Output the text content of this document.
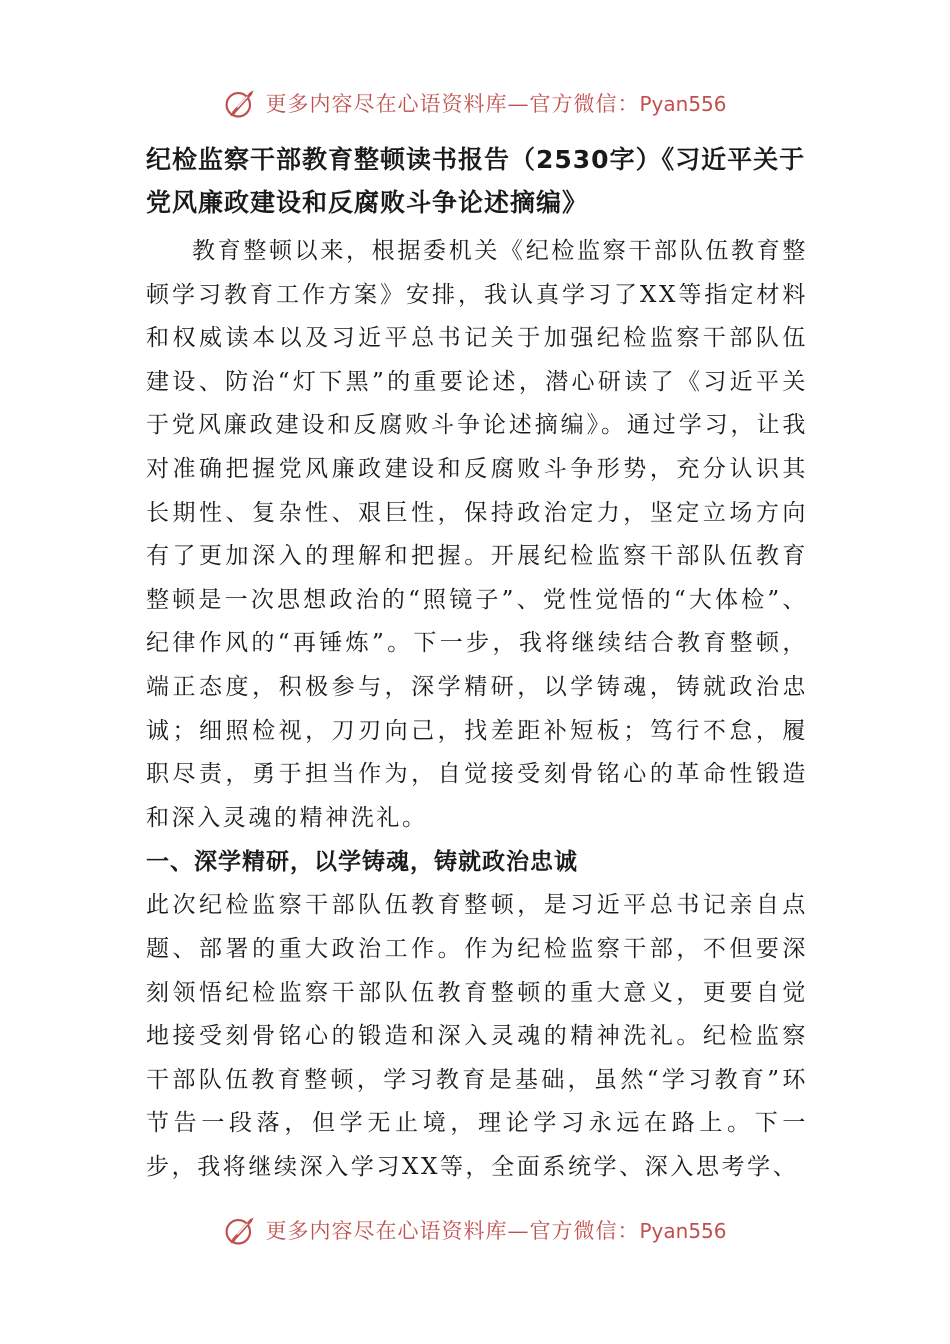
更多内容尽在心语资料库—官方微信：Pyan556
纪检监察干部教育整顿读书报告（2530字）《习近平关于党风廉政建设和反腐败斗争论述摘编》

教育整顿以来，根据委机关《纪检监察干部队伍教育整顿学习教育工作方案》安排，我认真学习了XX等指定材料和权威读本以及习近平总书记关于加强纪检监察干部队伍建设、防治“灯下黑”的重要论述，潜心研读了《习近平关于党风廉政建设和反腐败斗争论述摘编》。通过学习，让我对准确把握党风廉政建设和反腐败斗争形势，充分认识其长期性、复杂性、艰巨性，保持政治定力，坚定立场方向有了更加深入的理解和把握。开展纪检监察干部队伍教育整顿是一次思想政治的“照镜子”、党性觉悟的“大体检”、纪律作风的“再锤炼”。下一步，我将继续结合教育整顿，端正态度，积极参与，深学精研，以学铸魂，铸就政治忠诚；细照检视，刀刃向己，找差距补短板；笃行不怠，履职尽责，勇于担当作为，自觉接受刻骨铭心的革命性锻造和深入灵魂的精神洗礼。

一、深学精研，以学铸魂，铸就政治忠诚

此次纪检监察干部队伍教育整顿，是习近平总书记亲自点题、部署的重大政治工作。作为纪检监察干部，不但要深刻领悟纪检监察干部队伍教育整顿的重大意义，更要自觉地接受刻骨铭心的锻造和深入灵魂的精神洗礼。纪检监察干部队伍教育整顿，学习教育是基础，虽然“学习教育”环节告一段落，但学无止境，理论学习永远在路上。下一步，我将继续深入学习XX等，全面系统学、深入思考学、

更多内容尽在心语资料库—官方微信：Pyan556
